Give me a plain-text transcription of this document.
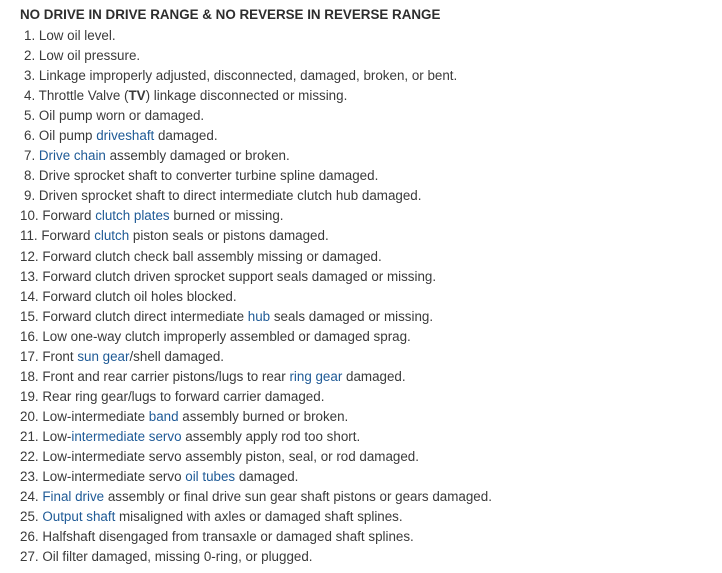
NO DRIVE IN DRIVE RANGE & NO REVERSE IN REVERSE RANGE
1. Low oil level.
2. Low oil pressure.
3. Linkage improperly adjusted, disconnected, damaged, broken, or bent.
4. Throttle Valve (TV) linkage disconnected or missing.
5. Oil pump worn or damaged.
6. Oil pump driveshaft damaged.
7. Drive chain assembly damaged or broken.
8. Drive sprocket shaft to converter turbine spline damaged.
9. Driven sprocket shaft to direct intermediate clutch hub damaged.
10. Forward clutch plates burned or missing.
11. Forward clutch piston seals or pistons damaged.
12. Forward clutch check ball assembly missing or damaged.
13. Forward clutch driven sprocket support seals damaged or missing.
14. Forward clutch oil holes blocked.
15. Forward clutch direct intermediate hub seals damaged or missing.
16. Low one-way clutch improperly assembled or damaged sprag.
17. Front sun gear/shell damaged.
18. Front and rear carrier pistons/lugs to rear ring gear damaged.
19. Rear ring gear/lugs to forward carrier damaged.
20. Low-intermediate band assembly burned or broken.
21. Low-intermediate servo assembly apply rod too short.
22. Low-intermediate servo assembly piston, seal, or rod damaged.
23. Low-intermediate servo oil tubes damaged.
24. Final drive assembly or final drive sun gear shaft pistons or gears damaged.
25. Output shaft misaligned with axles or damaged shaft splines.
26. Halfshaft disengaged from transaxle or damaged shaft splines.
27. Oil filter damaged, missing 0-ring, or plugged.
